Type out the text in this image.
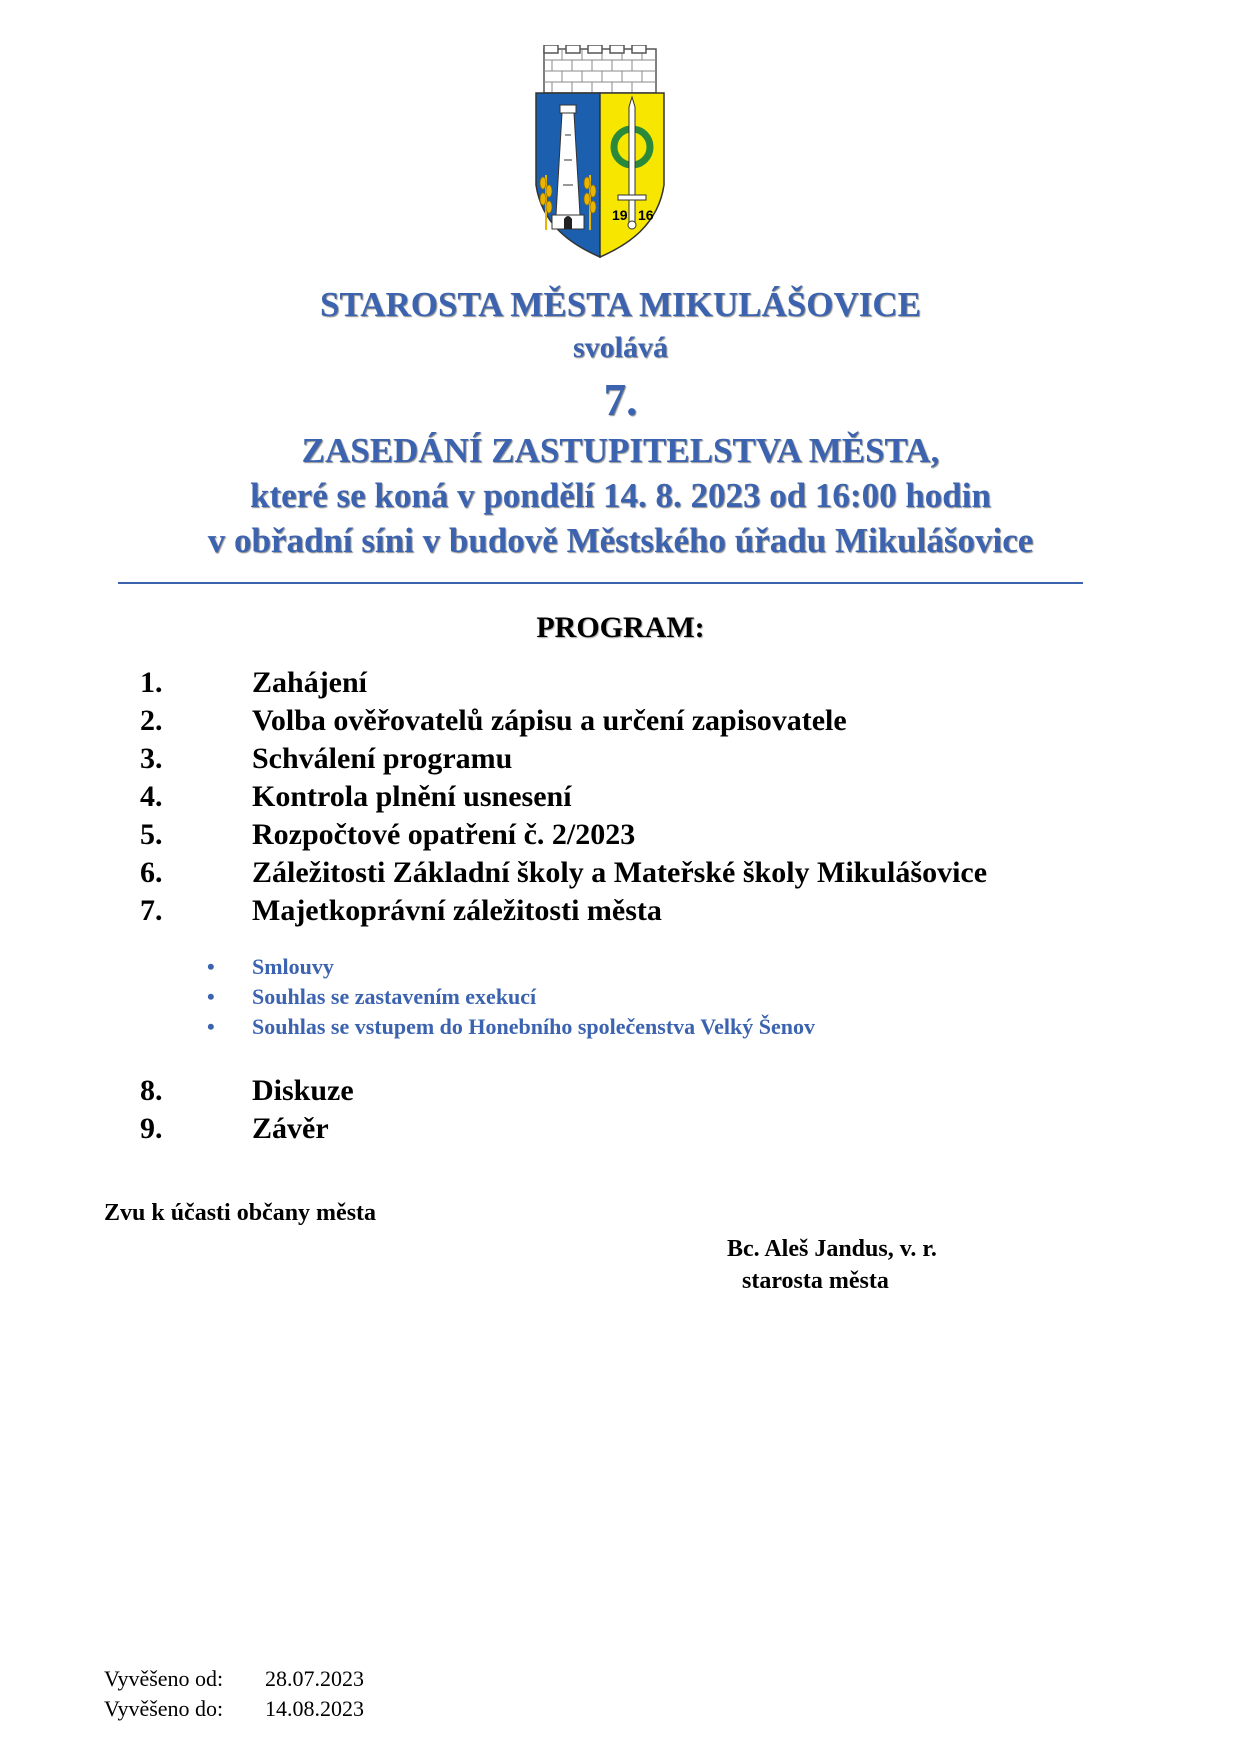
19 16
STAROSTA MĚSTA MIKULÁŠOVICE
svolává
7.
ZASEDÁNÍ ZASTUPITELSTVA MĚSTA,
které se koná v pondělí 14. 8. 2023 od 16:00 hodin
v obřadní síni v budově Městského úřadu Mikulášovice
PROGRAM:
1.	Zahájení
2.	Volba ověřovatelů zápisu a určení zapisovatele
3.	Schválení programu
4.	Kontrola plnění usnesení
5.	Rozpočtové opatření č. 2/2023
6.	Záležitosti Základní školy a Mateřské školy Mikulášovice
7.	Majetkoprávní záležitosti města
• Smlouvy
• Souhlas se zastavením exekucí
• Souhlas se vstupem do Honebního společenstva Velký Šenov
8.	Diskuze
9.	Závěr
Zvu k účasti občany města
Bc. Aleš Jandus, v. r.
starosta města
Vyvěšeno od: 28.07.2023
Vyvěšeno do: 14.08.2023
